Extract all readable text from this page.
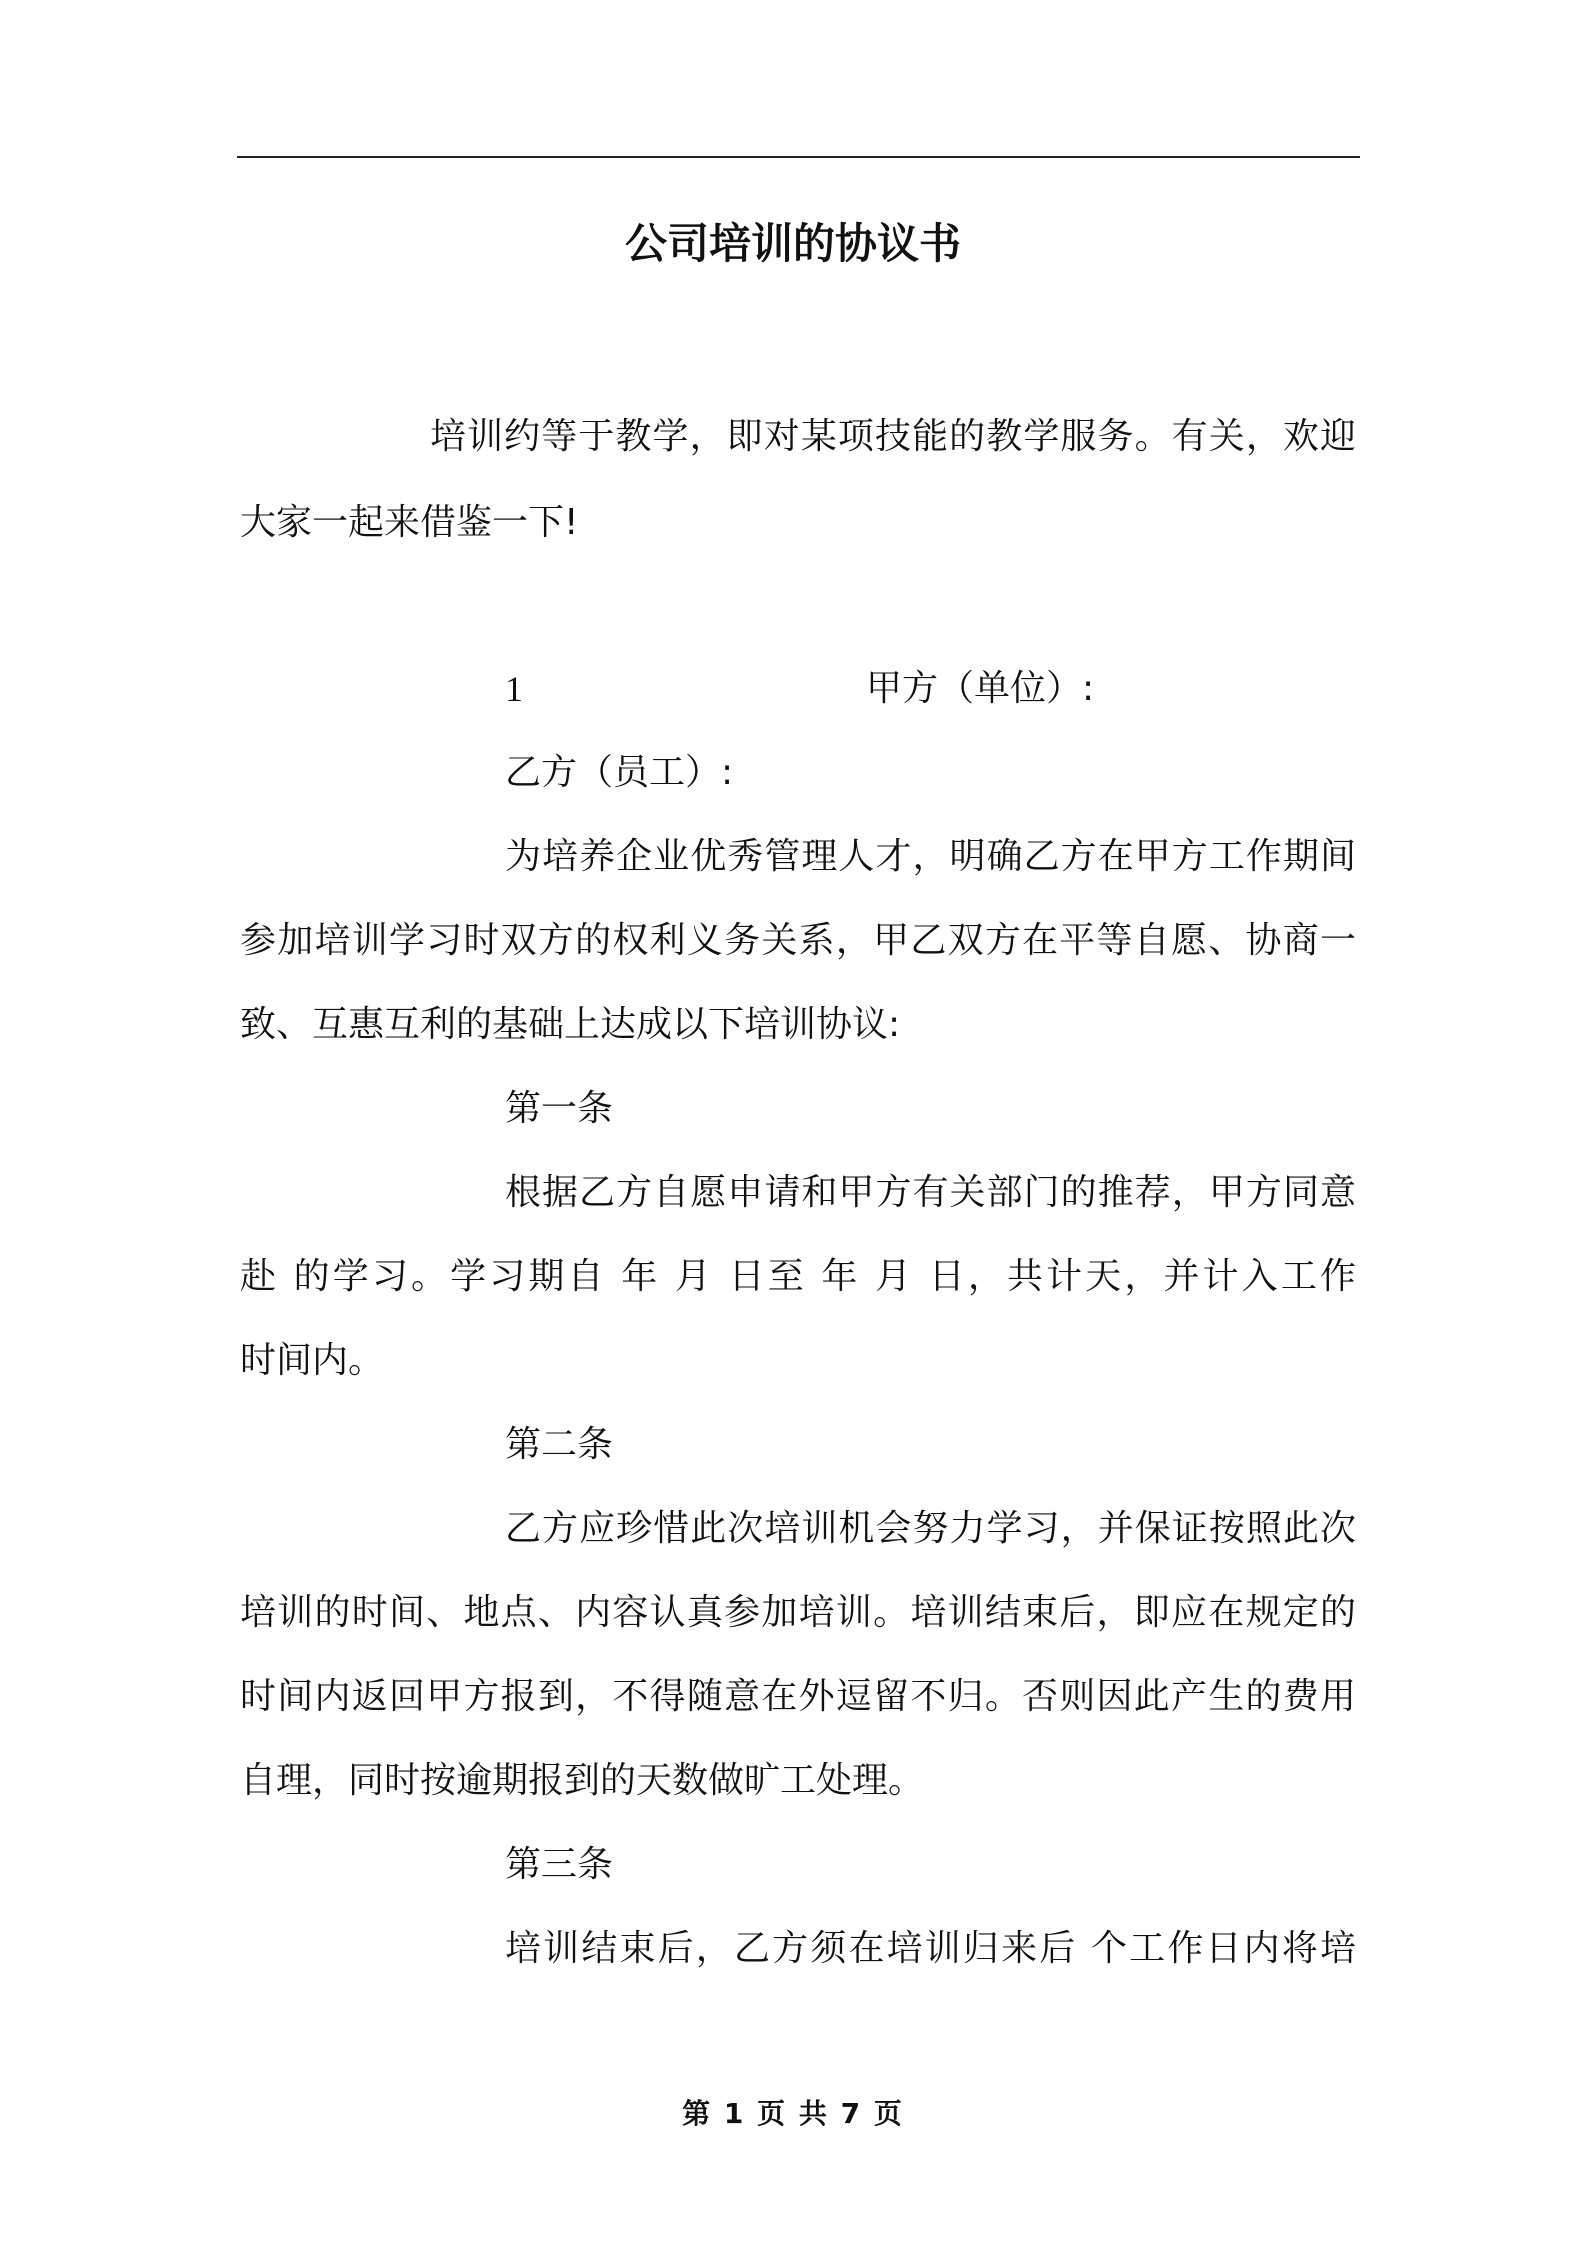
公司培训的协议书
培训约等于教学，即对某项技能的教学服务。有关，欢迎
大家一起来借鉴一下!
1	甲方（单位）:
乙方（员工）:
为培养企业优秀管理人才，明确乙方在甲方工作期间
参加培训学习时双方的权利义务关系，甲乙双方在平等自愿、协商一
致、互惠互利的基础上达成以下培训协议:
第一条
根据乙方自愿申请和甲方有关部门的推荐，甲方同意
赴 的学习。学习期自 年 月 日至 年 月 日，共计天，并计入工作
时间内。
第二条
乙方应珍惜此次培训机会努力学习，并保证按照此次
培训的时间、地点、内容认真参加培训。培训结束后，即应在规定的
时间内返回甲方报到，不得随意在外逗留不归。否则因此产生的费用
自理，同时按逾期报到的天数做旷工处理。
第三条
培训结束后，乙方须在培训归来后 个工作日内将培
第 1 页 共 7 页
